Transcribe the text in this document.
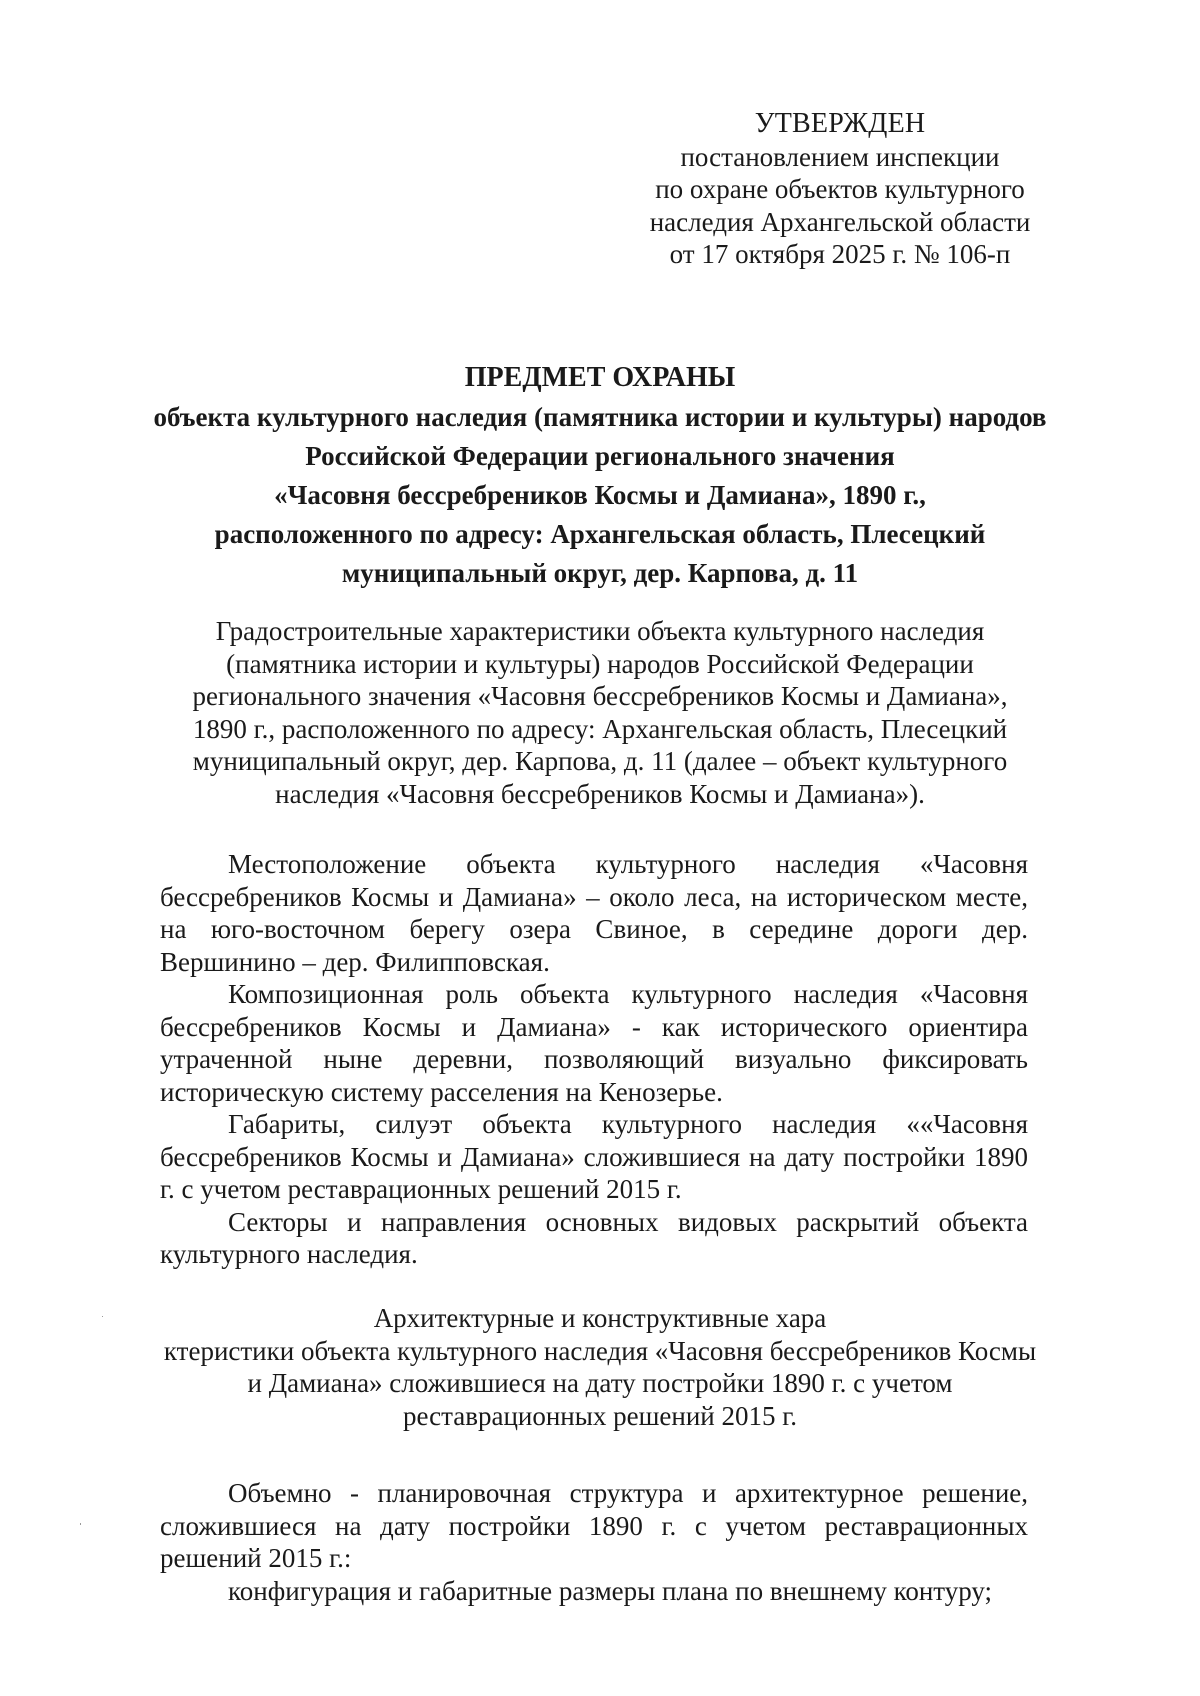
УТВЕРЖДЕН
постановлением инспекции
по охране объектов культурного
наследия Архангельской области
от 17 октября 2025 г. № 106-п
ПРЕДМЕТ ОХРАНЫ
объекта культурного наследия (памятника истории и культуры) народов
Российской Федерации регионального значения
«Часовня бессребреников Космы и Дамиана», 1890 г.,
расположенного по адресу: Архангельская область, Плесецкий
муниципальный округ, дер. Карпова, д. 11
Градостроительные характеристики объекта культурного наследия
(памятника истории и культуры) народов Российской Федерации
регионального значения «Часовня бессребреников Космы и Дамиана»,
1890 г., расположенного по адресу: Архангельская область, Плесецкий
муниципальный округ, дер. Карпова, д. 11 (далее – объект культурного
наследия «Часовня бессребреников Космы и Дамиана»).

Местоположение объекта культурного наследия «Часовня бессребреников Космы и Дамиана» – около леса, на историческом месте, на юго-восточном берегу озера Свиное, в середине дороги дер. Вершинино – дер. Филипповская.

Композиционная роль объекта культурного наследия «Часовня бессребреников Космы и Дамиана» - как исторического ориентира утраченной ныне деревни, позволяющий визуально фиксировать историческую систему расселения на Кенозерье.

Габариты, силуэт объекта культурного наследия ««Часовня бессребреников Космы и Дамиана» сложившиеся на дату постройки 1890 г. с учетом реставрационных решений 2015 г.

Секторы и направления основных видовых раскрытий объекта культурного наследия.

Архитектурные и конструктивные хара
ктеристики объекта культурного наследия «Часовня бессребреников Космы
и Дамиана» сложившиеся на дату постройки 1890 г. с учетом
реставрационных решений 2015 г.

Объемно - планировочная структура и архитектурное решение, сложившиеся на дату постройки 1890 г. с учетом реставрационных решений 2015 г.:

конфигурация и габаритные размеры плана по внешнему контуру;
